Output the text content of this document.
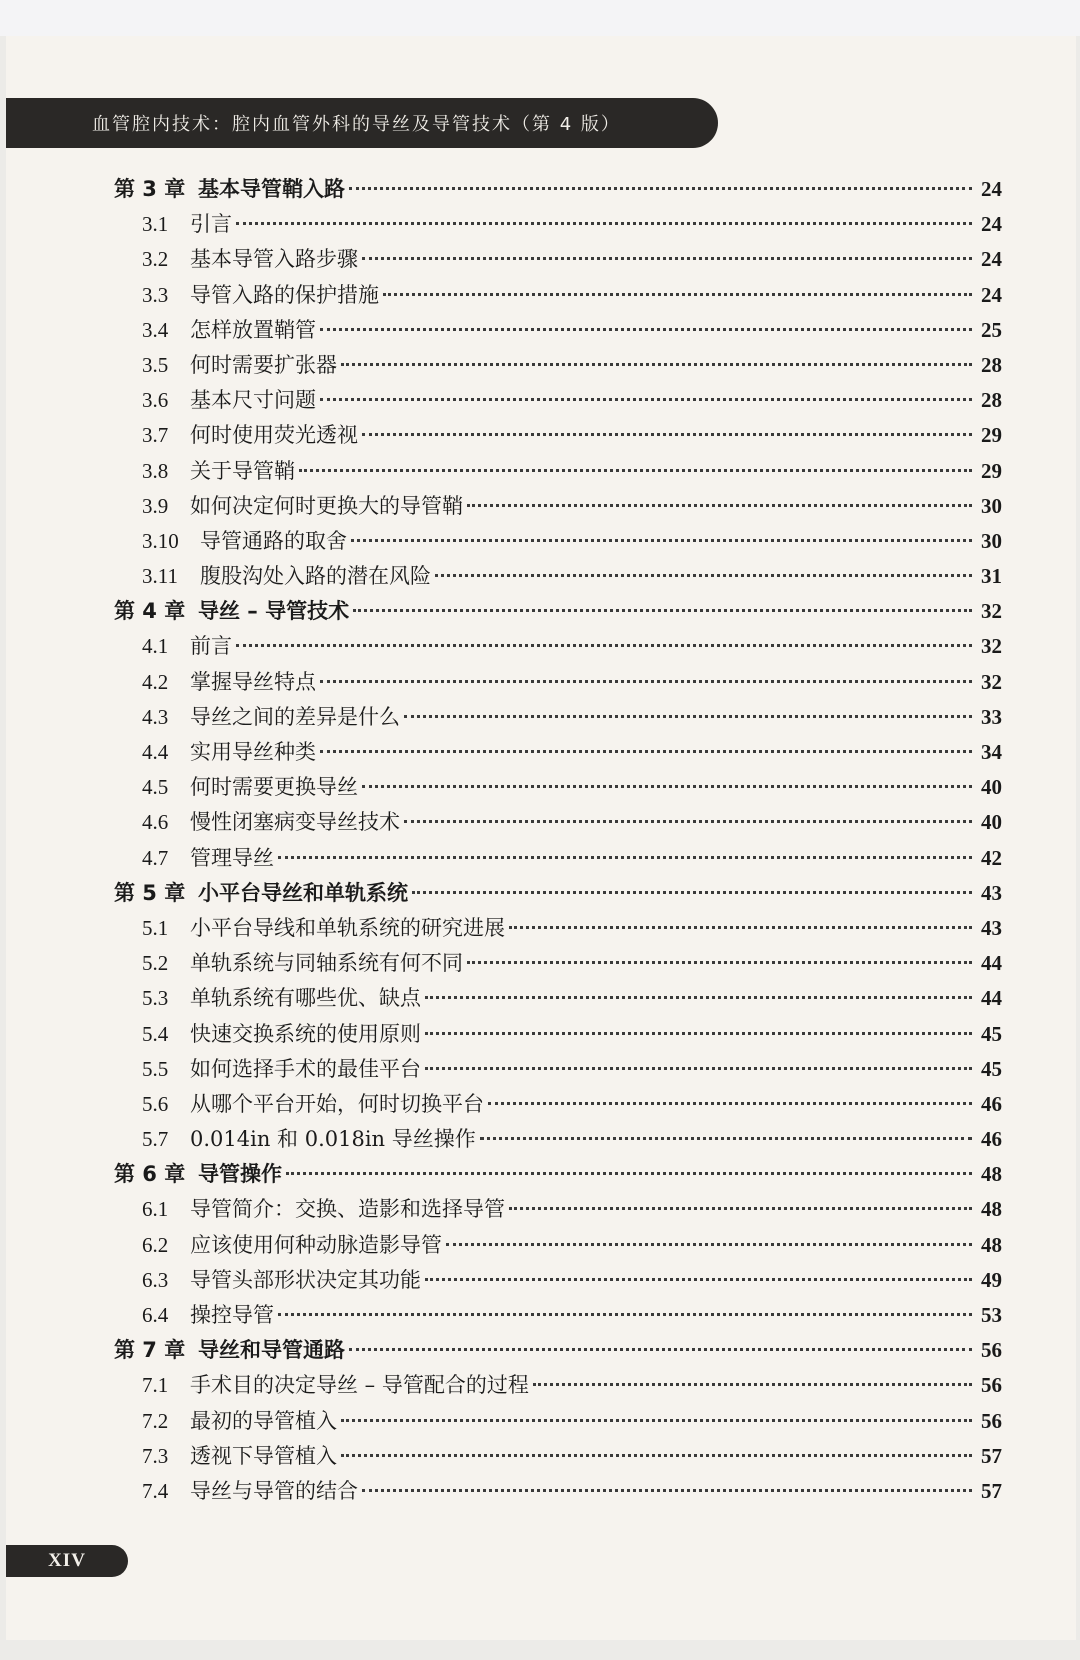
血管腔内技术：腔内血管外科的导丝及导管技术（第 4 版）
第 3 章 基本导管鞘入路	24
3.1	引言	24
3.2	基本导管入路步骤	24
3.3	导管入路的保护措施	24
3.4	怎样放置鞘管	25
3.5	何时需要扩张器	28
3.6	基本尺寸问题	28
3.7	何时使用荧光透视	29
3.8	关于导管鞘	29
3.9	如何决定何时更换大的导管鞘	30
3.10	导管通路的取舍	30
3.11	腹股沟处入路的潜在风险	31
第 4 章 导丝 – 导管技术	32
4.1	前言	32
4.2	掌握导丝特点	32
4.3	导丝之间的差异是什么	33
4.4	实用导丝种类	34
4.5	何时需要更换导丝	40
4.6	慢性闭塞病变导丝技术	40
4.7	管理导丝	42
第 5 章 小平台导丝和单轨系统	43
5.1	小平台导线和单轨系统的研究进展	43
5.2	单轨系统与同轴系统有何不同	44
5.3	单轨系统有哪些优、缺点	44
5.4	快速交换系统的使用原则	45
5.5	如何选择手术的最佳平台	45
5.6	从哪个平台开始，何时切换平台	46
5.7	0.014in 和 0.018in 导丝操作	46
第 6 章 导管操作	48
6.1	导管简介：交换、造影和选择导管	48
6.2	应该使用何种动脉造影导管	48
6.3	导管头部形状决定其功能	49
6.4	操控导管	53
第 7 章 导丝和导管通路	56
7.1	手术目的决定导丝 – 导管配合的过程	56
7.2	最初的导管植入	56
7.3	透视下导管植入	57
7.4	导丝与导管的结合	57
XIV
